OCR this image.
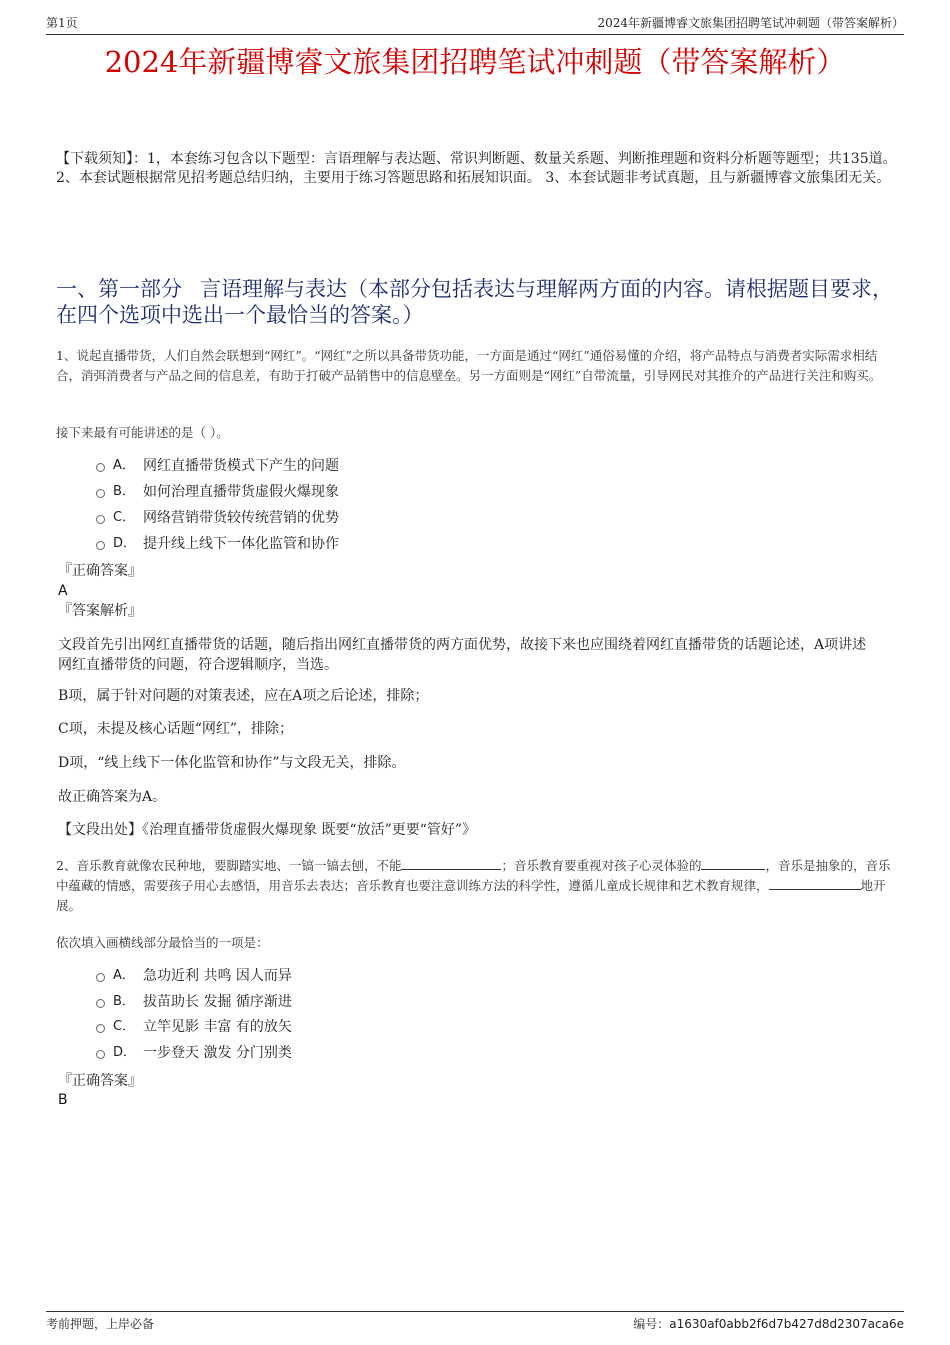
第1页	2024年新疆博睿文旅集团招聘笔试冲刺题（带答案解析）
2024年新疆博睿文旅集团招聘笔试冲刺题（带答案解析）
【下载须知】：1，本套练习包含以下题型：言语理解与表达题、常识判断题、数量关系题、判断推理题和资料分析题等题型；共135道。 2、本套试题根据常见招考题总结归纳，主要用于练习答题思路和拓展知识面。 3、本套试题非考试真题，且与新疆博睿文旅集团无关。
一、第一部分 言语理解与表达（本部分包括表达与理解两方面的内容。请根据题目要求，在四个选项中选出一个最恰当的答案。）
1、说起直播带货，人们自然会联想到“网红”。“网红”之所以具备带货功能，一方面是通过“网红”通俗易懂的介绍，将产品特点与消费者实际需求相结合，消弭消费者与产品之间的信息差，有助于打破产品销售中的信息壁垒。另一方面则是“网红”自带流量，引导网民对其推介的产品进行关注和购买。
接下来最有可能讲述的是（ ）。
A． 网红直播带货模式下产生的问题
B． 如何治理直播带货虚假火爆现象
C． 网络营销带货较传统营销的优势
D． 提升线上线下一体化监管和协作
『正确答案』
A
『答案解析』
文段首先引出网红直播带货的话题，随后指出网红直播带货的两方面优势，故接下来也应围绕着网红直播带货的话题论述，A项讲述网红直播带货的问题，符合逻辑顺序，当选。
B项，属于针对问题的对策表述，应在A项之后论述，排除；
C项，未提及核心话题“网红”，排除；
D项，“线上线下一体化监管和协作”与文段无关，排除。
故正确答案为A。
【文段出处】《治理直播带货虚假火爆现象 既要“放活”更要“管好”》
2、音乐教育就像农民种地，要脚踏实地、一镐一镐去刨，不能	；音乐教育要重视对孩子心灵体验的	，音乐是抽象的，音乐中蕴藏的情感，需要孩子用心去感悟，用音乐去表达；音乐教育也要注意训练方法的科学性，遵循儿童成长规律和艺术教育规律，	地开展。
依次填入画横线部分最恰当的一项是：
A． 急功近利 共鸣 因人而异
B． 拔苗助长 发掘 循序渐进
C． 立竿见影 丰富 有的放矢
D． 一步登天 激发 分门别类
『正确答案』
B
考前押题，上岸必备	编号：a1630af0abb2f6d7b427d8d2307aca6e
